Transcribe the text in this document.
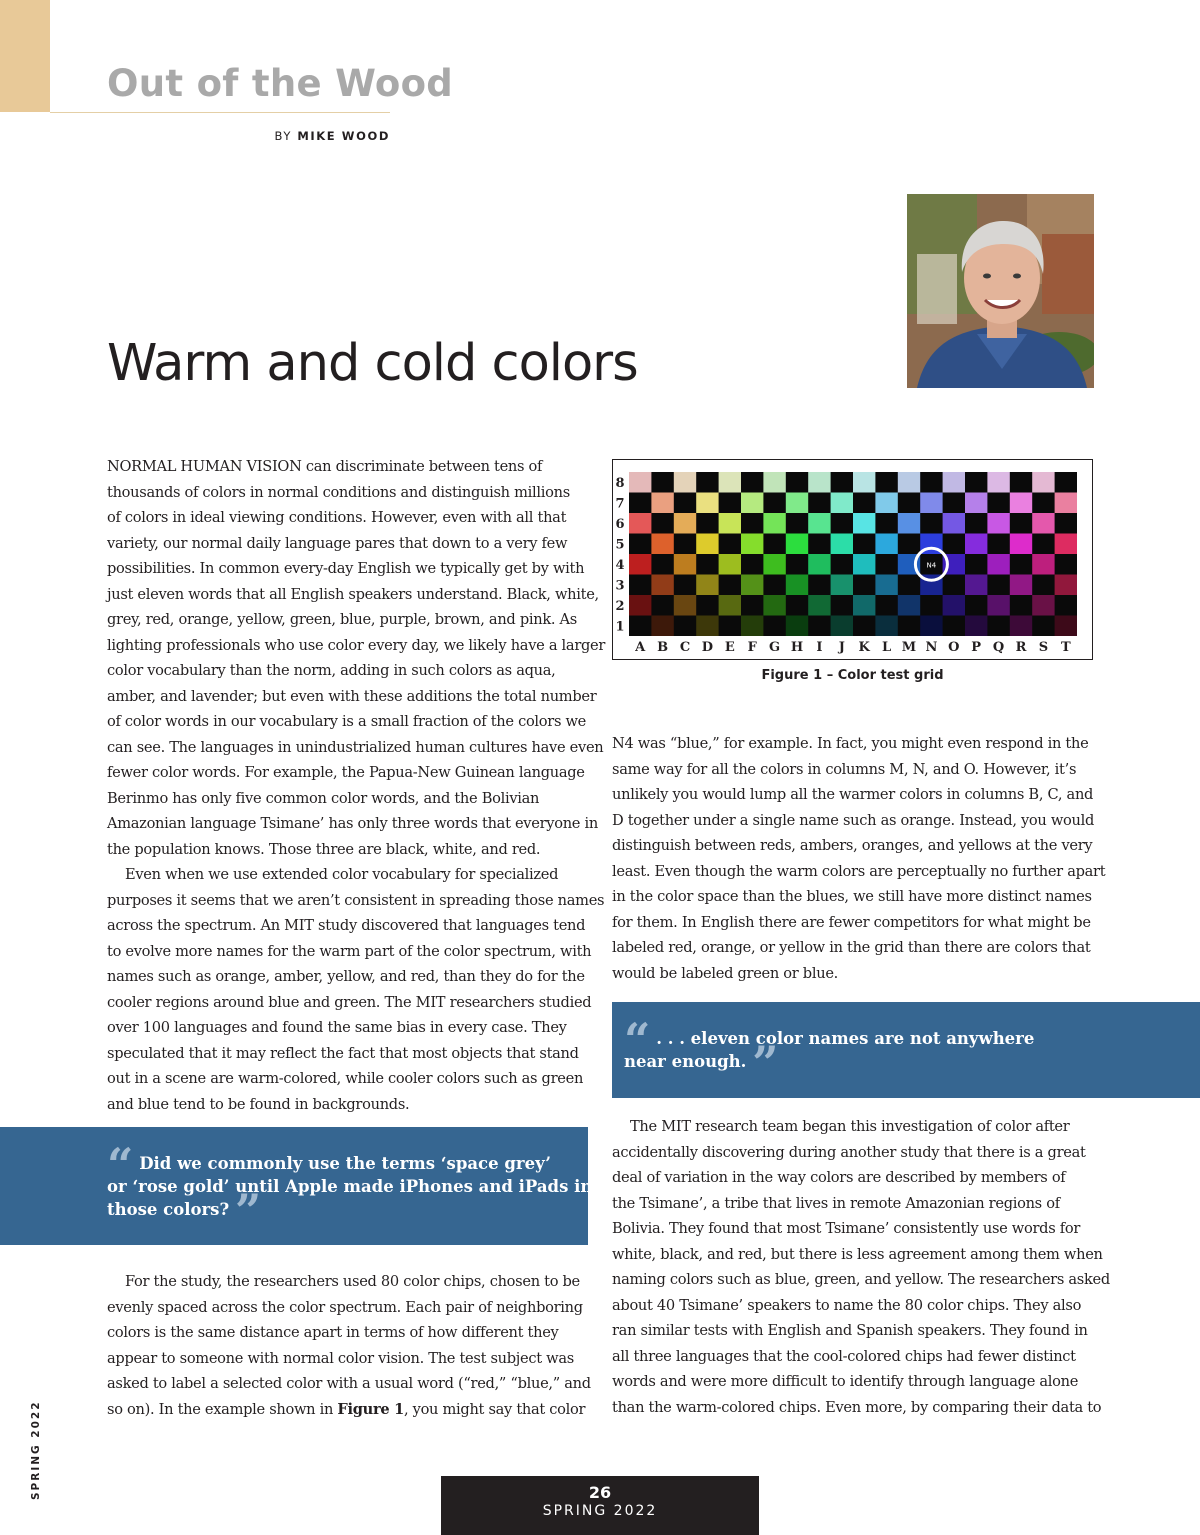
Out of the Wood
BY MIKE WOOD
Warm and cold colors

NORMAL HUMAN VISION can discriminate between tens of

thousands of colors in normal conditions and distinguish millions

of colors in ideal viewing conditions. However, even with all that

variety, our normal daily language pares that down to a very few

possibilities. In common every-day English we typically get by with

just eleven words that all English speakers understand. Black, white,

grey, red, orange, yellow, green, blue, purple, brown, and pink. As

lighting professionals who use color every day, we likely have a larger

color vocabulary than the norm, adding in such colors as aqua,

amber, and lavender; but even with these additions the total number

of color words in our vocabulary is a small fraction of the colors we

can see. The languages in unindustrialized human cultures have even

fewer color words. For example, the Papua-New Guinean language

Berinmo has only five common color words, and the Bolivian

Amazonian language Tsimane’ has only three words that everyone in

the population knows. Those three are black, white, and red.

Even when we use extended color vocabulary for specialized

purposes it seems that we aren’t consistent in spreading those names

across the spectrum. An MIT study discovered that languages tend

to evolve more names for the warm part of the color spectrum, with

names such as orange, amber, yellow, and red, than they do for the

cooler regions around blue and green. The MIT researchers studied

over 100 languages and found the same bias in every case. They

speculated that it may reflect the fact that most objects that stand

out in a scene are warm-colored, while cooler colors such as green

and blue tend to be found in backgrounds.

“ Did we commonly use the terms ‘space grey’
or ‘rose gold’ until Apple made iPhones and iPads in
those colors? ”

For the study, the researchers used 80 color chips, chosen to be

evenly spaced across the color spectrum. Each pair of neighboring

colors is the same distance apart in terms of how different they

appear to someone with normal color vision. The test subject was

asked to label a selected color with a usual word (“red,” “blue,” and

so on). In the example shown in Figure 1, you might say that color

8
7
6
5
4
3
2
1
A B C D E F G H I J K L M N O P Q R S T
N4
Figure 1 – Color test grid

N4 was “blue,” for example. In fact, you might even respond in the

same way for all the colors in columns M, N, and O. However, it’s

unlikely you would lump all the warmer colors in columns B, C, and

D together under a single name such as orange. Instead, you would

distinguish between reds, ambers, oranges, and yellows at the very

least. Even though the warm colors are perceptually no further apart

in the color space than the blues, we still have more distinct names

for them. In English there are fewer competitors for what might be

labeled red, orange, or yellow in the grid than there are colors that

would be labeled green or blue.

“ . . . eleven color names are not anywhere
near enough. ”

The MIT research team began this investigation of color after

accidentally discovering during another study that there is a great

deal of variation in the way colors are described by members of

the Tsimane’, a tribe that lives in remote Amazonian regions of

Bolivia. They found that most Tsimane’ consistently use words for

white, black, and red, but there is less agreement among them when

naming colors such as blue, green, and yellow. The researchers asked

about 40 Tsimane’ speakers to name the 80 color chips. They also

ran similar tests with English and Spanish speakers. They found in

all three languages that the cool-colored chips had fewer distinct

words and were more difficult to identify through language alone

than the warm-colored chips. Even more, by comparing their data to

SPRING 2022	26
SPRING 2022
